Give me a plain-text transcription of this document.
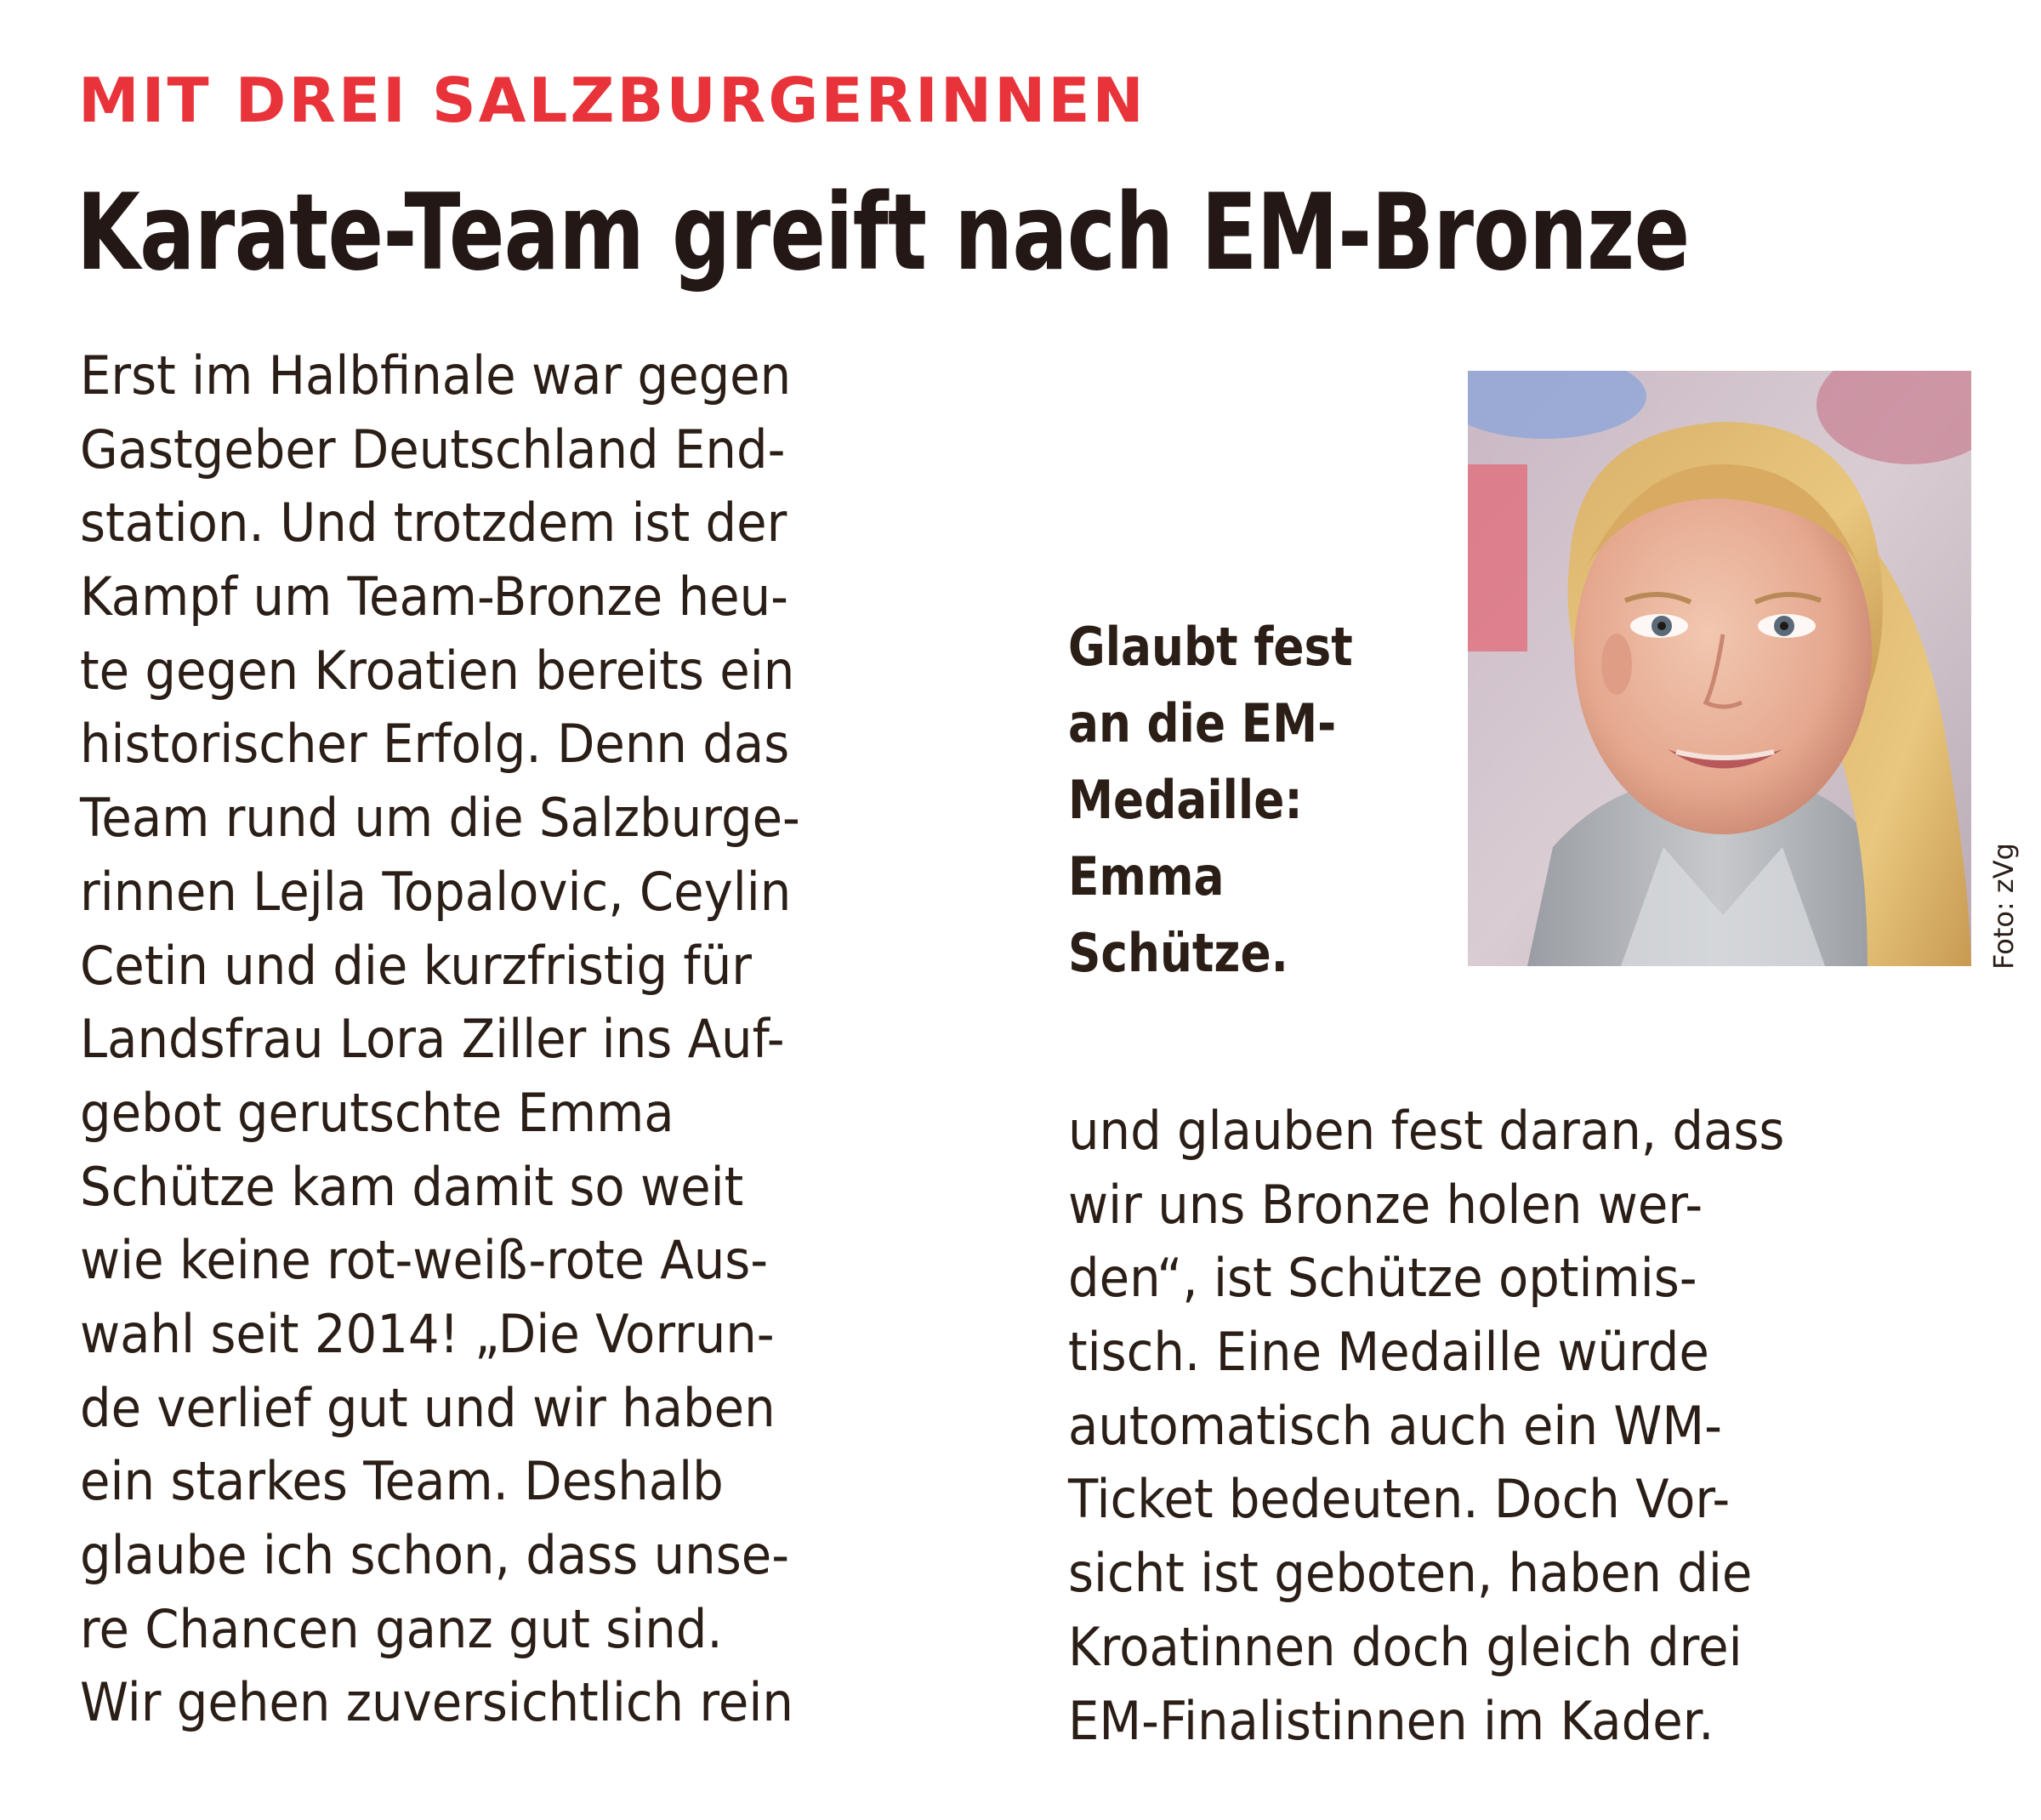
MIT DREI SALZBURGERINNEN
Karate-Team greift nach EM-Bronze
Erst im Halbfinale war gegen
Gastgeber Deutschland End-
station. Und trotzdem ist der
Kampf um Team-Bronze heu-
te gegen Kroatien bereits ein
historischer Erfolg. Denn das
Team rund um die Salzburge-
rinnen Lejla Topalovic, Ceylin
Cetin und die kurzfristig für
Landsfrau Lora Ziller ins Auf-
gebot gerutschte Emma
Schütze kam damit so weit
wie keine rot-weiß-rote Aus-
wahl seit 2014! „Die Vorrun-
de verlief gut und wir haben
ein starkes Team. Deshalb
glaube ich schon, dass unse-
re Chancen ganz gut sind.
Wir gehen zuversichtlich rein
Glaubt fest
an die EM-
Medaille:
Emma
Schütze.	Foto: zVg
und glauben fest daran, dass
wir uns Bronze holen wer-
den“, ist Schütze optimis-
tisch. Eine Medaille würde
automatisch auch ein WM-
Ticket bedeuten. Doch Vor-
sicht ist geboten, haben die
Kroatinnen doch gleich drei
EM-Finalistinnen im Kader.
